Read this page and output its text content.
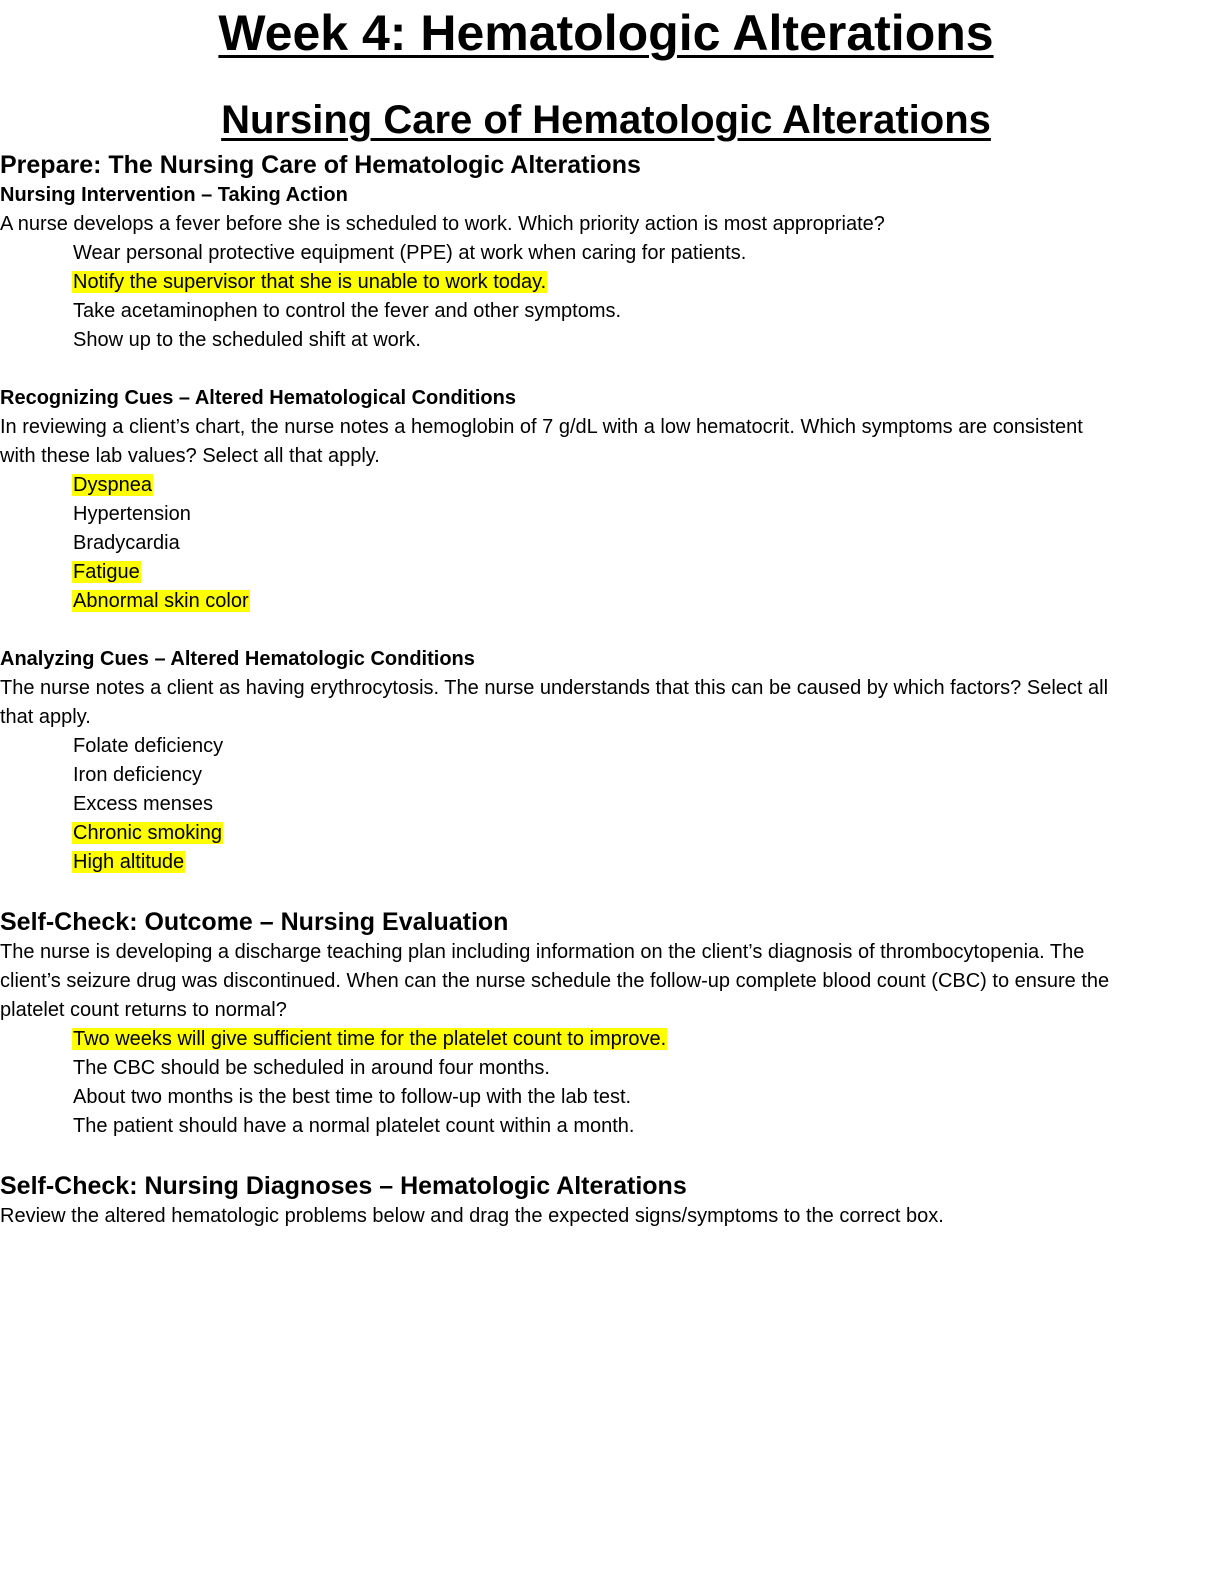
Week 4: Hematologic Alterations
Nursing Care of Hematologic Alterations
Prepare: The Nursing Care of Hematologic Alterations
Nursing Intervention – Taking Action

A nurse develops a fever before she is scheduled to work. Which priority action is most appropriate?

Wear personal protective equipment (PPE) at work when caring for patients.

Notify the supervisor that she is unable to work today.

Take acetaminophen to control the fever and other symptoms.

Show up to the scheduled shift at work.

Recognizing Cues – Altered Hematological Conditions

In reviewing a client’s chart, the nurse notes a hemoglobin of 7 g/dL with a low hematocrit. Which symptoms are consistent

with these lab values? Select all that apply.

Dyspnea

Hypertension

Bradycardia

Fatigue

Abnormal skin color

Analyzing Cues – Altered Hematologic Conditions

The nurse notes a client as having erythrocytosis. The nurse understands that this can be caused by which factors? Select all

that apply.

Folate deficiency

Iron deficiency

Excess menses

Chronic smoking

High altitude

Self-Check: Outcome – Nursing Evaluation

The nurse is developing a discharge teaching plan including information on the client’s diagnosis of thrombocytopenia. The

client’s seizure drug was discontinued. When can the nurse schedule the follow-up complete blood count (CBC) to ensure the

platelet count returns to normal?

Two weeks will give sufficient time for the platelet count to improve.

The CBC should be scheduled in around four months.

About two months is the best time to follow-up with the lab test.

The patient should have a normal platelet count within a month.

Self-Check: Nursing Diagnoses – Hematologic Alterations

Review the altered hematologic problems below and drag the expected signs/symptoms to the correct box.
